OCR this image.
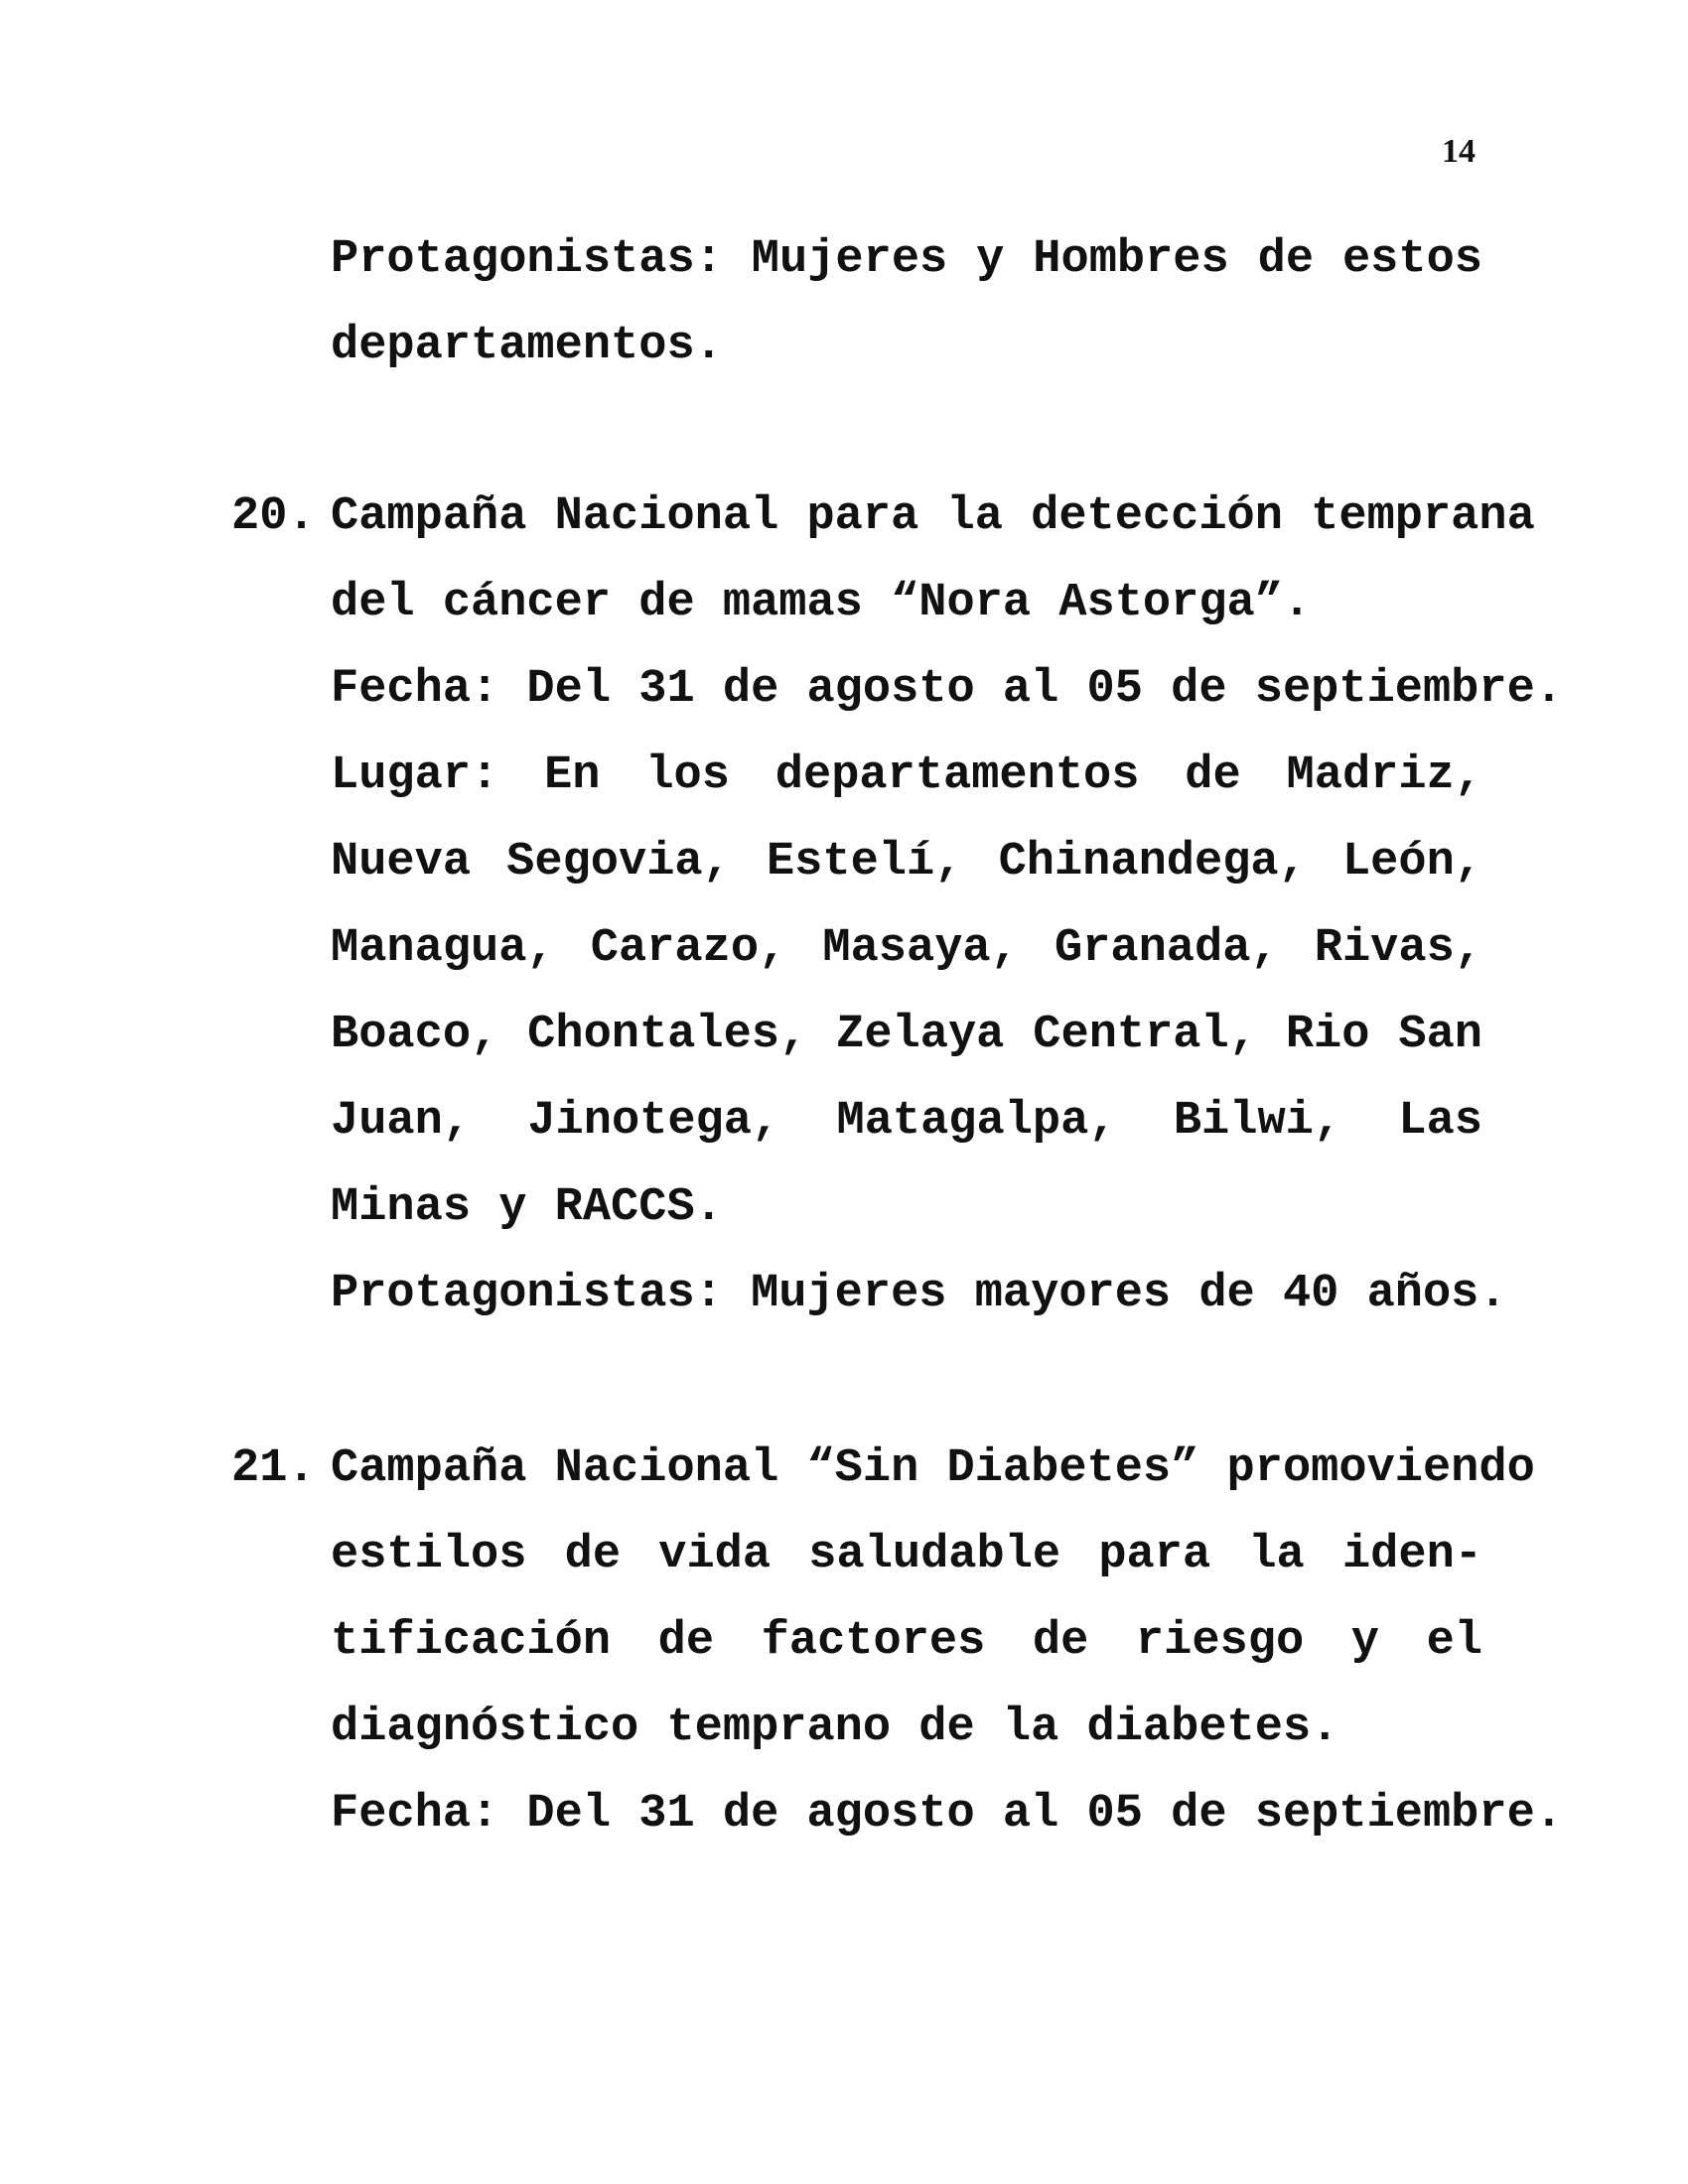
14
Protagonistas: Mujeres y Hombres de estos
departamentos.
20. Campaña Nacional para la detección temprana
del cáncer de mamas “Nora Astorga”.
Fecha: Del 31 de agosto al 05 de septiembre.
Lugar: En los departamentos de Madriz,
Nueva Segovia, Estelí, Chinandega, León,
Managua, Carazo, Masaya, Granada, Rivas,
Boaco, Chontales, Zelaya Central, Rio San
Juan, Jinotega, Matagalpa, Bilwi, Las
Minas y RACCS.
Protagonistas: Mujeres mayores de 40 años.
21. Campaña Nacional “Sin Diabetes” promoviendo
estilos de vida saludable para la iden-
tificación de factores de riesgo y el
diagnóstico temprano de la diabetes.
Fecha: Del 31 de agosto al 05 de septiembre.
